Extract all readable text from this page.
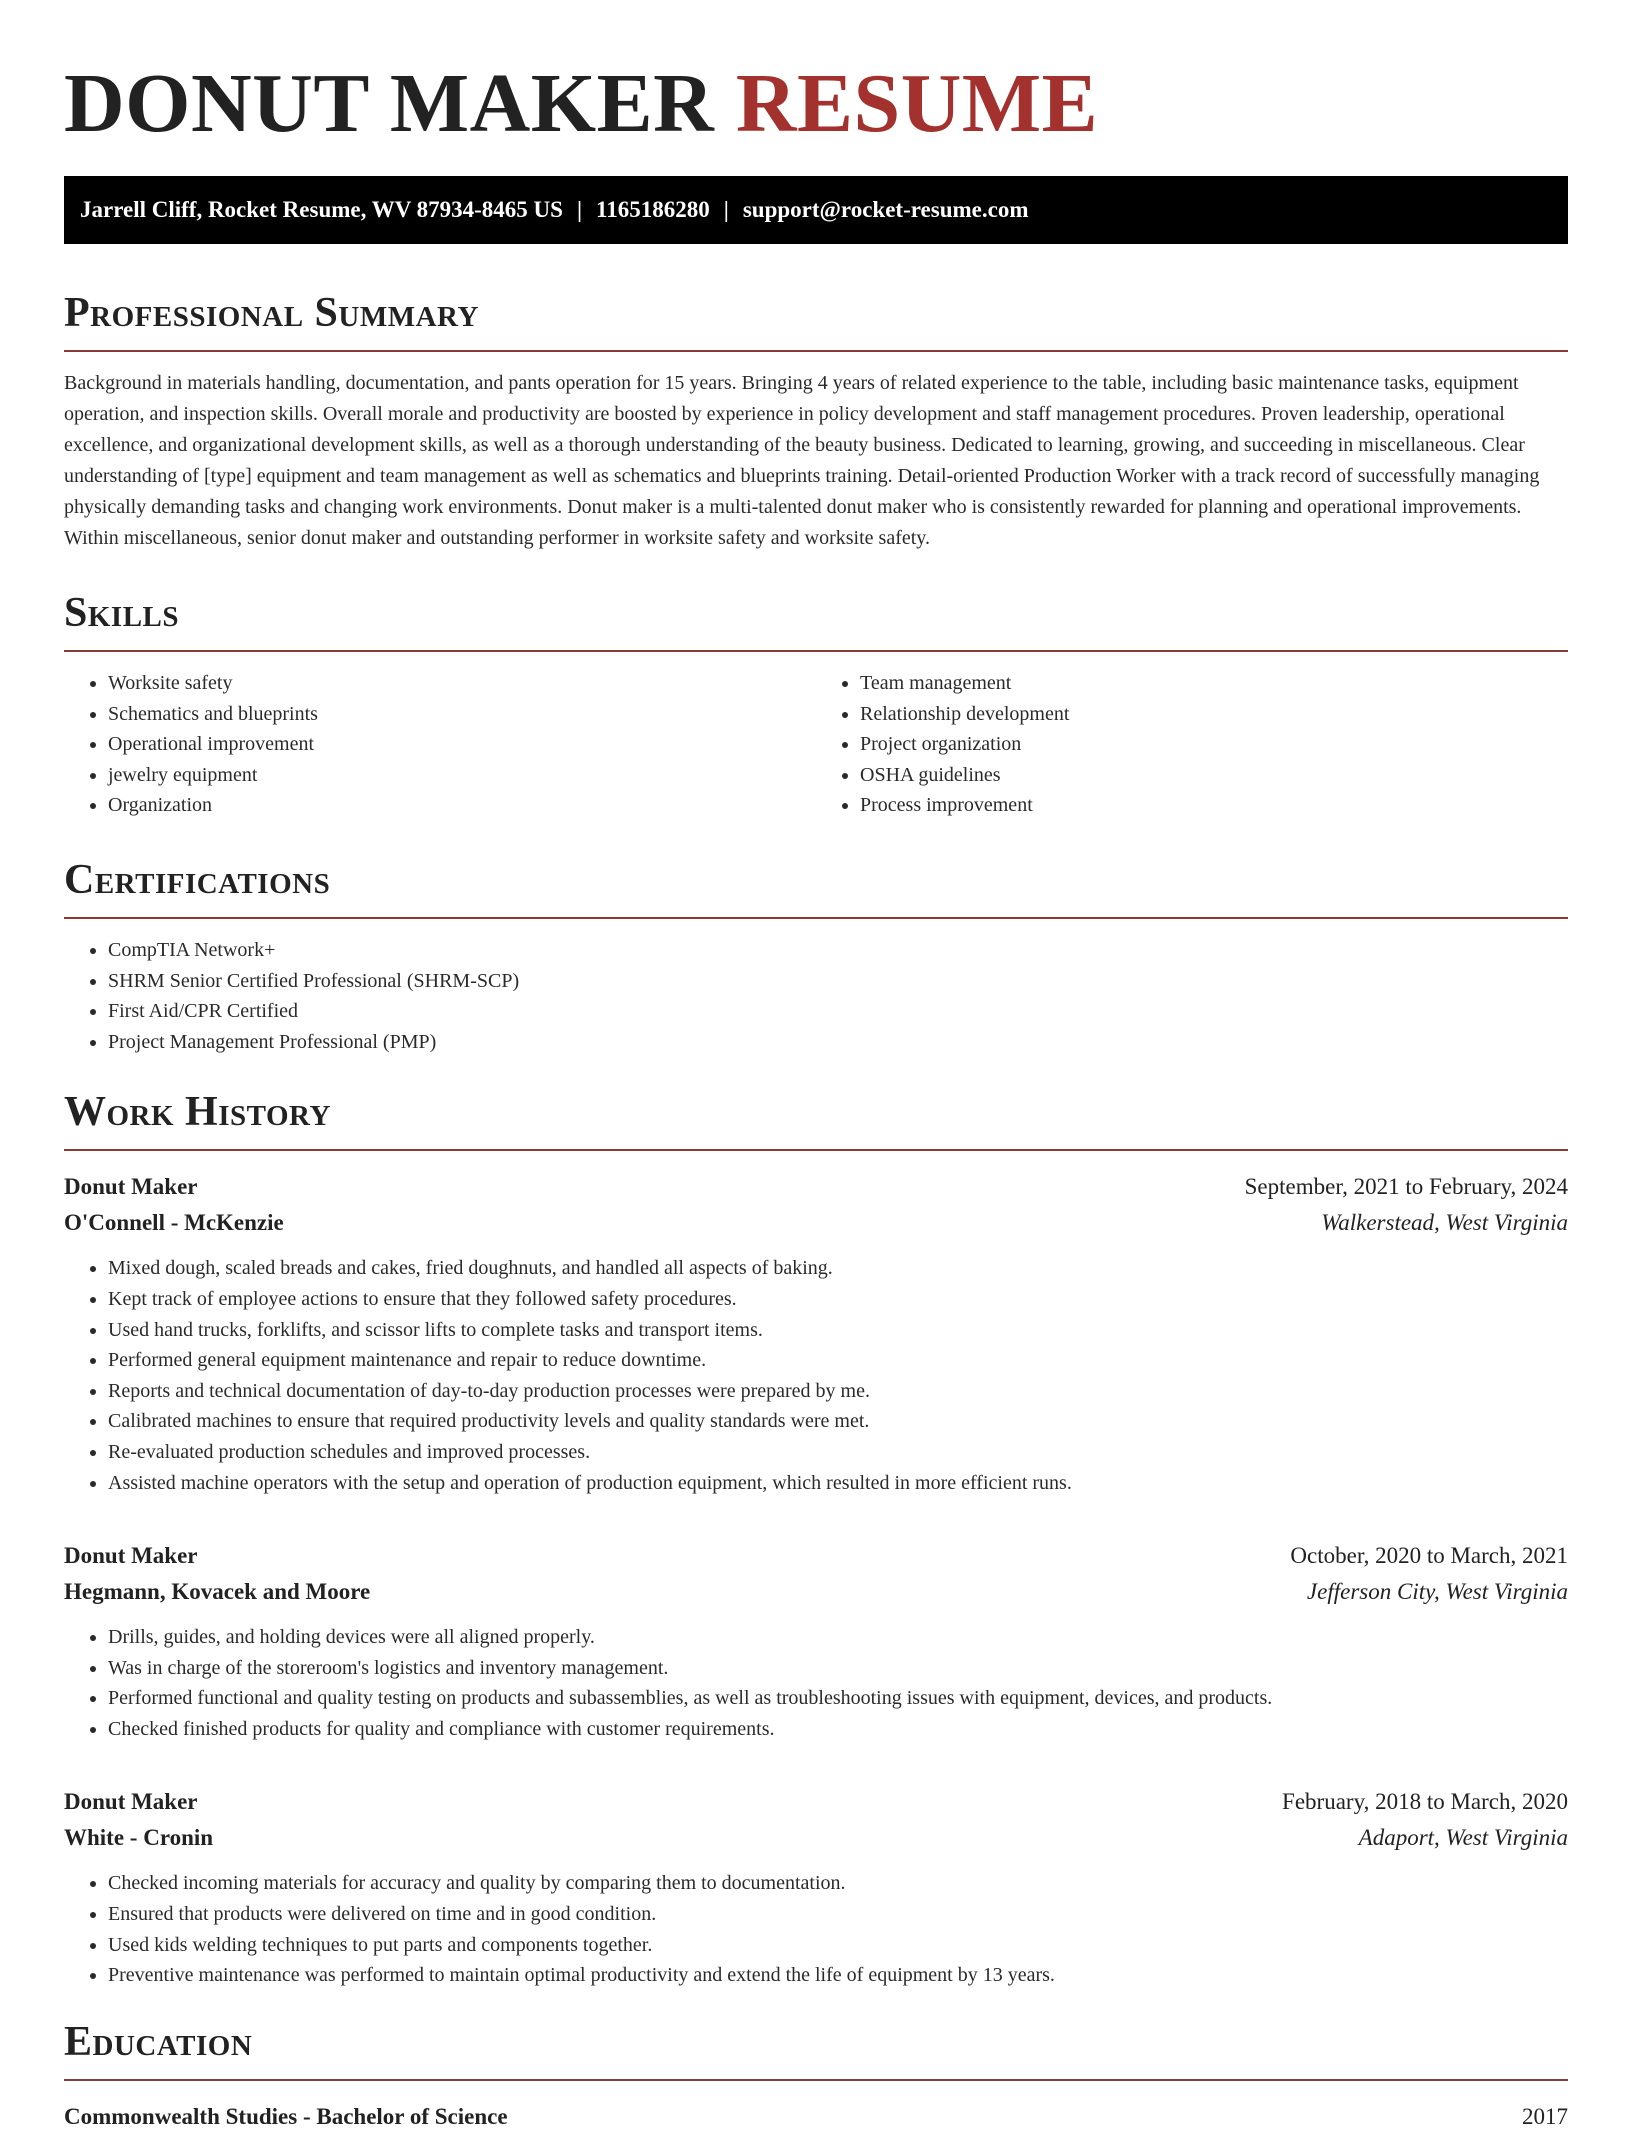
DONUT MAKER RESUME
Jarrell Cliff, Rocket Resume, WV 87934-8465 US | 1165186280 | support@rocket-resume.com
Professional Summary

Background in materials handling, documentation, and pants operation for 15 years. Bringing 4 years of related experience to the table, including basic maintenance tasks, equipment operation, and inspection skills. Overall morale and productivity are boosted by experience in policy development and staff management procedures. Proven leadership, operational excellence, and organizational development skills, as well as a thorough understanding of the beauty business. Dedicated to learning, growing, and succeeding in miscellaneous. Clear understanding of [type] equipment and team management as well as schematics and blueprints training. Detail-oriented Production Worker with a track record of successfully managing physically demanding tasks and changing work environments. Donut maker is a multi-talented donut maker who is consistently rewarded for planning and operational improvements. Within miscellaneous, senior donut maker and outstanding performer in worksite safety and worksite safety.

Skills
• Worksite safety
• Schematics and blueprints
• Operational improvement
• jewelry equipment
• Organization
• Team management
• Relationship development
• Project organization
• OSHA guidelines
• Process improvement
Certifications
• CompTIA Network+
• SHRM Senior Certified Professional (SHRM-SCP)
• First Aid/CPR Certified
• Project Management Professional (PMP)
Work History
Donut Maker	September, 2021 to February, 2024
O'Connell - McKenzie	Walkerstead, West Virginia
• Mixed dough, scaled breads and cakes, fried doughnuts, and handled all aspects of baking.
• Kept track of employee actions to ensure that they followed safety procedures.
• Used hand trucks, forklifts, and scissor lifts to complete tasks and transport items.
• Performed general equipment maintenance and repair to reduce downtime.
• Reports and technical documentation of day-to-day production processes were prepared by me.
• Calibrated machines to ensure that required productivity levels and quality standards were met.
• Re-evaluated production schedules and improved processes.
• Assisted machine operators with the setup and operation of production equipment, which resulted in more efficient runs.
Donut Maker	October, 2020 to March, 2021
Hegmann, Kovacek and Moore	Jefferson City, West Virginia
• Drills, guides, and holding devices were all aligned properly.
• Was in charge of the storeroom's logistics and inventory management.
• Performed functional and quality testing on products and subassemblies, as well as troubleshooting issues with equipment, devices, and products.
• Checked finished products for quality and compliance with customer requirements.
Donut Maker	February, 2018 to March, 2020
White - Cronin	Adaport, West Virginia
• Checked incoming materials for accuracy and quality by comparing them to documentation.
• Ensured that products were delivered on time and in good condition.
• Used kids welding techniques to put parts and components together.
• Preventive maintenance was performed to maintain optimal productivity and extend the life of equipment by 13 years.
Education
Commonwealth Studies - Bachelor of Science	2017
